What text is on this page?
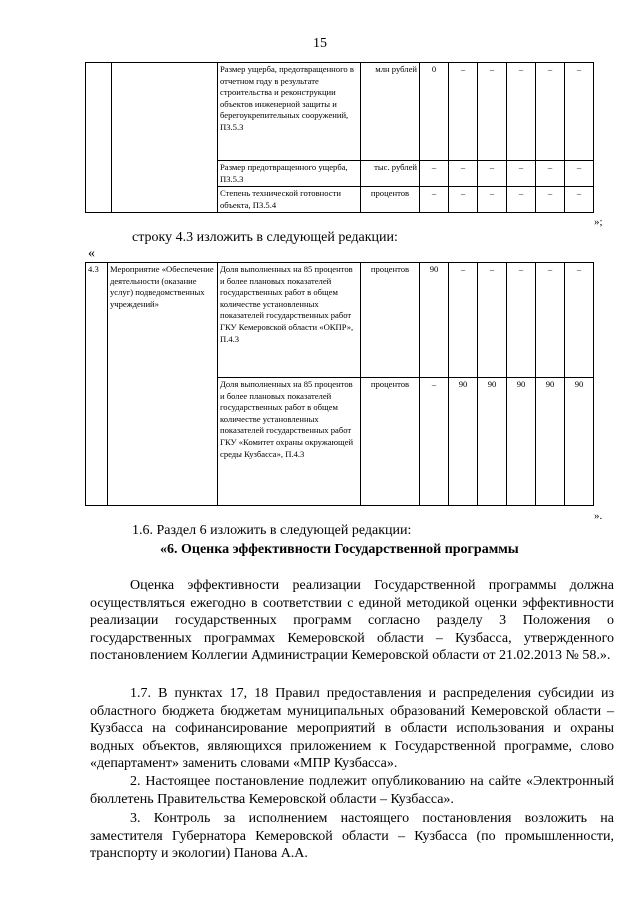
15
		Размер ущерба, предотвращенного в отчетном году в результате строительства и реконструкции объектов инженерной защиты и берегоукрепительных сооружений, П3.5.3	млн рублей	0	–	–	–	–	–
		Размер предотвращенного ущерба, П3.5.3	тыс. рублей	–	–	–	–	–	–
		Степень технической готовности объекта, П3.5.4	процентов	–	–	–	–	–	–
»;
строку 4.3 изложить в следующей редакции:
«
4.3	Мероприятие «Обеспечение деятельности (оказание услуг) подведомственных учреждений»	Доля выполненных на 85 процентов и более плановых показателей государственных работ в общем количестве установленных показателей государственных работ ГКУ Кемеровской области «ОКПР», П.4.3	процентов	90	–	–	–	–	–
		Доля выполненных на 85 процентов и более плановых показателей государственных работ в общем количестве установленных показателей государственных работ ГКУ «Комитет охраны окружающей среды Кузбасса», П.4.3	процентов	–	90	90	90	90	90
».
1.6. Раздел 6 изложить в следующей редакции:
«6. Оценка эффективности Государственной программы
Оценка эффективности реализации Государственной программы должна осуществляться ежегодно в соответствии с единой методикой оценки эффективности реализации государственных программ согласно разделу 3 Положения о государственных программах Кемеровской области – Кузбасса, утвержденного постановлением Коллегии Администрации Кемеровской области от 21.02.2013 № 58.».
1.7. В пунктах 17, 18 Правил предоставления и распределения субсидии из областного бюджета бюджетам муниципальных образований Кемеровской области – Кузбасса на софинансирование мероприятий в области использования и охраны водных объектов, являющихся приложением к Государственной программе, слово «департамент» заменить словами «МПР Кузбасса».
2. Настоящее постановление подлежит опубликованию на сайте «Электронный бюллетень Правительства Кемеровской области – Кузбасса».
3. Контроль за исполнением настоящего постановления возложить на заместителя Губернатора Кемеровской области – Кузбасса (по промышленности, транспорту и экологии) Панова А.А.
